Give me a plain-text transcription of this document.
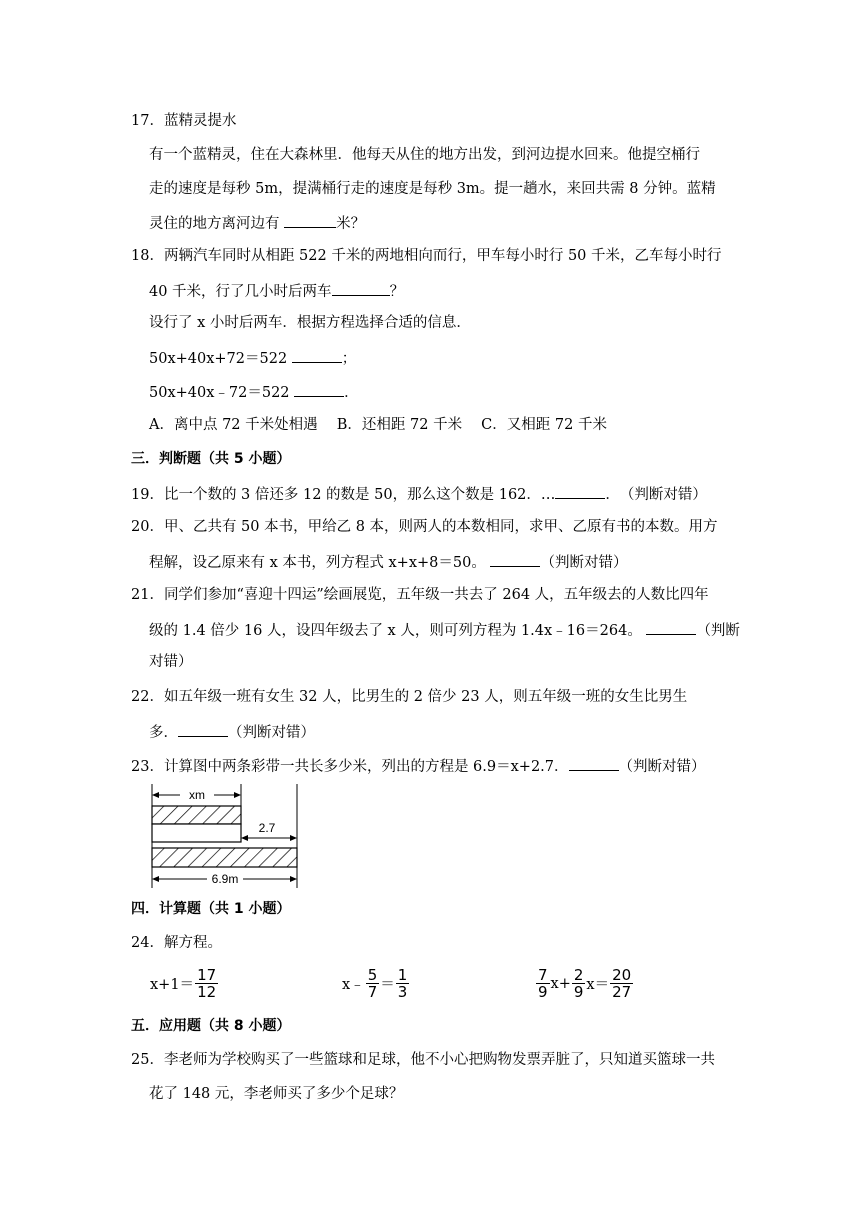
17．蓝精灵提水
有一个蓝精灵，住在大森林里．他每天从住的地方出发，到河边提水回来。他提空桶行
走的速度是每秒 5m，提满桶行走的速度是每秒 3m。提一趟水，来回共需 8 分钟。蓝精
灵住的地方离河边有	米？
18．两辆汽车同时从相距 522 千米的两地相向而行，甲车每小时行 50 千米，乙车每小时行
40 千米，行了几小时后两车	？
设行了 x 小时后两车．根据方程选择合适的信息．
50x+40x+72＝522	；
50x+40x﹣72＝522	．
A．离中点 72 千米处相遇　 B．还相距 72 千米　 C．又相距 72 千米
三．判断题（共 5 小题）
19．比一个数的 3 倍还多 12 的数是 50，那么这个数是 162．…	．　（判断对错）
20．甲、乙共有 50 本书，甲给乙 8 本，则两人的本数相同，求甲、乙原有书的本数。用方
程解，设乙原来有 x 本书，列方程式 x+x+8＝50。	（判断对错）
21．同学们参加“喜迎十四运”绘画展览，五年级一共去了 264 人，五年级去的人数比四年
级的 1.4 倍少 16 人，设四年级去了 x 人，则可列方程为 1.4x﹣16＝264。	（判断
对错）
22．如五年级一班有女生 32 人，比男生的 2 倍少 23 人，则五年级一班的女生比男生
多．	（判断对错）
23．计算图中两条彩带一共长多少米，列出的方程是 6.9＝x+2.7．	（判断对错）
xm
2.7
6.9m
四．计算题（共 1 小题）
24．解方程。
$x+1= \frac{17}{12}$	x﹣ $\frac{5}{7} = \frac{1}{3}$	$\frac{7}{9} x+ \frac{2}{9} x= \frac{20}{27}$
五．应用题（共 8 小题）
25．李老师为学校购买了一些篮球和足球，他不小心把购物发票弄脏了，只知道买篮球一共
花了 148 元，李老师买了多少个足球？
